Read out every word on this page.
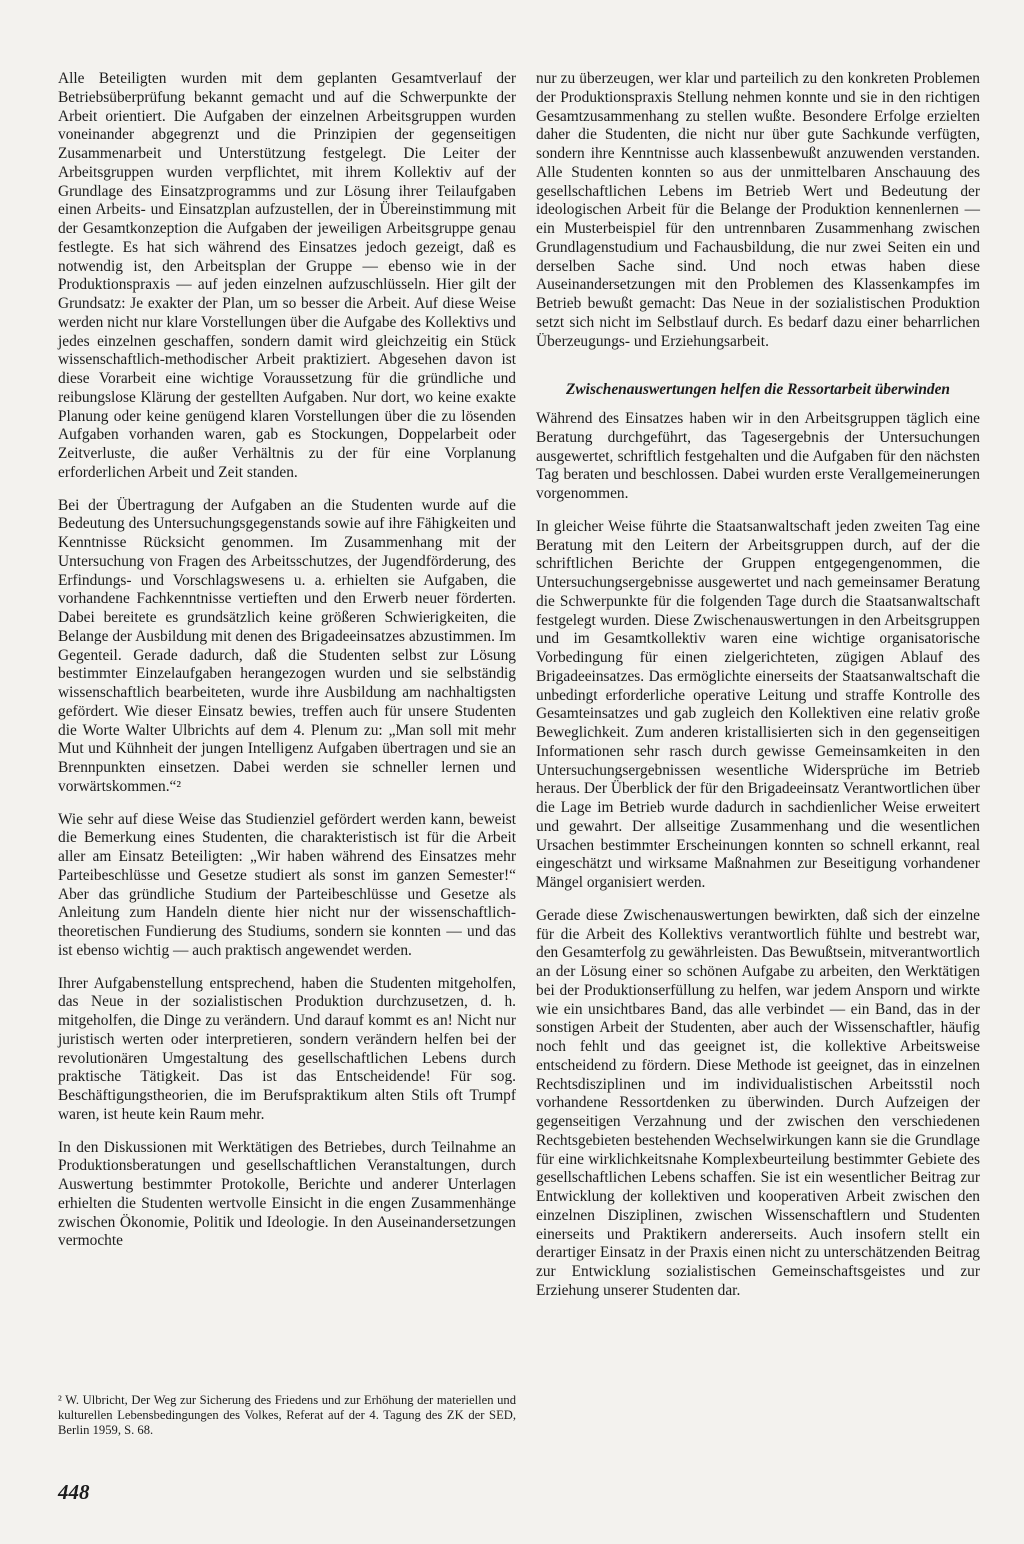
Alle Beteiligten wurden mit dem geplanten Gesamtverlauf der Betriebsüberprüfung bekannt gemacht und auf die Schwerpunkte der Arbeit orientiert. Die Aufgaben der einzelnen Arbeitsgruppen wurden voneinander abgegrenzt und die Prinzipien der gegenseitigen Zusammenarbeit und Unterstützung festgelegt. Die Leiter der Arbeitsgruppen wurden verpflichtet, mit ihrem Kollektiv auf der Grundlage des Einsatzprogramms und zur Lösung ihrer Teilaufgaben einen Arbeits- und Einsatzplan aufzustellen, der in Übereinstimmung mit der Gesamtkonzeption die Aufgaben der jeweiligen Arbeitsgruppe genau festlegte. Es hat sich während des Einsatzes jedoch gezeigt, daß es notwendig ist, den Arbeitsplan der Gruppe — ebenso wie in der Produktionspraxis — auf jeden einzelnen aufzuschlüsseln. Hier gilt der Grundsatz: Je exakter der Plan, um so besser die Arbeit. Auf diese Weise werden nicht nur klare Vorstellungen über die Aufgabe des Kollektivs und jedes einzelnen geschaffen, sondern damit wird gleichzeitig ein Stück wissenschaftlich-methodischer Arbeit praktiziert. Abgesehen davon ist diese Vorarbeit eine wichtige Voraussetzung für die gründliche und reibungslose Klärung der gestellten Aufgaben. Nur dort, wo keine exakte Planung oder keine genügend klaren Vorstellungen über die zu lösenden Aufgaben vorhanden waren, gab es Stockungen, Doppelarbeit oder Zeitverluste, die außer Verhältnis zu der für eine Vorplanung erforderlichen Arbeit und Zeit standen.

Bei der Übertragung der Aufgaben an die Studenten wurde auf die Bedeutung des Untersuchungsgegenstands sowie auf ihre Fähigkeiten und Kenntnisse Rücksicht genommen. Im Zusammenhang mit der Untersuchung von Fragen des Arbeitsschutzes, der Jugendförderung, des Erfindungs- und Vorschlagswesens u. a. erhielten sie Aufgaben, die vorhandene Fachkenntnisse vertieften und den Erwerb neuer förderten. Dabei bereitete es grundsätzlich keine größeren Schwierigkeiten, die Belange der Ausbildung mit denen des Brigadeeinsatzes abzustimmen. Im Gegenteil. Gerade dadurch, daß die Studenten selbst zur Lösung bestimmter Einzelaufgaben herangezogen wurden und sie selbständig wissenschaftlich bearbeiteten, wurde ihre Ausbildung am nachhaltigsten gefördert. Wie dieser Einsatz bewies, treffen auch für unsere Studenten die Worte Walter Ulbrichts auf dem 4. Plenum zu: „Man soll mit mehr Mut und Kühnheit der jungen Intelligenz Aufgaben übertragen und sie an Brennpunkten einsetzen. Dabei werden sie schneller lernen und vorwärtskommen.“²

Wie sehr auf diese Weise das Studienziel gefördert werden kann, beweist die Bemerkung eines Studenten, die charakteristisch ist für die Arbeit aller am Einsatz Beteiligten: „Wir haben während des Einsatzes mehr Parteibeschlüsse und Gesetze studiert als sonst im ganzen Semester!“ Aber das gründliche Studium der Parteibeschlüsse und Gesetze als Anleitung zum Handeln diente hier nicht nur der wissenschaftlich-theoretischen Fundierung des Studiums, sondern sie konnten — und das ist ebenso wichtig — auch praktisch angewendet werden.

Ihrer Aufgabenstellung entsprechend, haben die Studenten mitgeholfen, das Neue in der sozialistischen Produktion durchzusetzen, d. h. mitgeholfen, die Dinge zu verändern. Und darauf kommt es an! Nicht nur juristisch werten oder interpretieren, sondern verändern helfen bei der revolutionären Umgestaltung des gesellschaftlichen Lebens durch praktische Tätigkeit. Das ist das Entscheidende! Für sog. Beschäftigungstheorien, die im Berufspraktikum alten Stils oft Trumpf waren, ist heute kein Raum mehr.

In den Diskussionen mit Werktätigen des Betriebes, durch Teilnahme an Produktionsberatungen und gesellschaftlichen Veranstaltungen, durch Auswertung bestimmter Protokolle, Berichte und anderer Unterlagen erhielten die Studenten wertvolle Einsicht in die engen Zusammenhänge zwischen Ökonomie, Politik und Ideologie. In den Auseinandersetzungen vermochte

² W. Ulbricht, Der Weg zur Sicherung des Friedens und zur Erhöhung der materiellen und kulturellen Lebensbedingungen des Volkes, Referat auf der 4. Tagung des ZK der SED, Berlin 1959, S. 68.
448

nur zu überzeugen, wer klar und parteilich zu den konkreten Problemen der Produktionspraxis Stellung nehmen konnte und sie in den richtigen Gesamtzusammenhang zu stellen wußte. Besondere Erfolge erzielten daher die Studenten, die nicht nur über gute Sachkunde verfügten, sondern ihre Kenntnisse auch klassenbewußt anzuwenden verstanden. Alle Studenten konnten so aus der unmittelbaren Anschauung des gesellschaftlichen Lebens im Betrieb Wert und Bedeutung der ideologischen Arbeit für die Belange der Produktion kennenlernen — ein Musterbeispiel für den untrennbaren Zusammenhang zwischen Grundlagenstudium und Fachausbildung, die nur zwei Seiten ein und derselben Sache sind. Und noch etwas haben diese Auseinandersetzungen mit den Problemen des Klassenkampfes im Betrieb bewußt gemacht: Das Neue in der sozialistischen Produktion setzt sich nicht im Selbstlauf durch. Es bedarf dazu einer beharrlichen Überzeugungs- und Erziehungsarbeit.

Zwischenauswertungen helfen die Ressortarbeit überwinden

Während des Einsatzes haben wir in den Arbeitsgruppen täglich eine Beratung durchgeführt, das Tagesergebnis der Untersuchungen ausgewertet, schriftlich festgehalten und die Aufgaben für den nächsten Tag beraten und beschlossen. Dabei wurden erste Verallgemeinerungen vorgenommen.

In gleicher Weise führte die Staatsanwaltschaft jeden zweiten Tag eine Beratung mit den Leitern der Arbeitsgruppen durch, auf der die schriftlichen Berichte der Gruppen entgegengenommen, die Untersuchungsergebnisse ausgewertet und nach gemeinsamer Beratung die Schwerpunkte für die folgenden Tage durch die Staatsanwaltschaft festgelegt wurden. Diese Zwischenauswertungen in den Arbeitsgruppen und im Gesamtkollektiv waren eine wichtige organisatorische Vorbedingung für einen zielgerichteten, zügigen Ablauf des Brigadeeinsatzes. Das ermöglichte einerseits der Staatsanwaltschaft die unbedingt erforderliche operative Leitung und straffe Kontrolle des Gesamteinsatzes und gab zugleich den Kollektiven eine relativ große Beweglichkeit. Zum anderen kristallisierten sich in den gegenseitigen Informationen sehr rasch durch gewisse Gemeinsamkeiten in den Untersuchungsergebnissen wesentliche Widersprüche im Betrieb heraus. Der Überblick der für den Brigadeeinsatz Verantwortlichen über die Lage im Betrieb wurde dadurch in sachdienlicher Weise erweitert und gewahrt. Der allseitige Zusammenhang und die wesentlichen Ursachen bestimmter Erscheinungen konnten so schnell erkannt, real eingeschätzt und wirksame Maßnahmen zur Beseitigung vorhandener Mängel organisiert werden.

Gerade diese Zwischenauswertungen bewirkten, daß sich der einzelne für die Arbeit des Kollektivs verantwortlich fühlte und bestrebt war, den Gesamterfolg zu gewährleisten. Das Bewußtsein, mitverantwortlich an der Lösung einer so schönen Aufgabe zu arbeiten, den Werktätigen bei der Produktionserfüllung zu helfen, war jedem Ansporn und wirkte wie ein unsichtbares Band, das alle verbindet — ein Band, das in der sonstigen Arbeit der Studenten, aber auch der Wissenschaftler, häufig noch fehlt und das geeignet ist, die kollektive Arbeitsweise entscheidend zu fördern. Diese Methode ist geeignet, das in einzelnen Rechtsdisziplinen und im individualistischen Arbeitsstil noch vorhandene Ressortdenken zu überwinden. Durch Aufzeigen der gegenseitigen Verzahnung und der zwischen den verschiedenen Rechtsgebieten bestehenden Wechselwirkungen kann sie die Grundlage für eine wirklichkeitsnahe Komplexbeurteilung bestimmter Gebiete des gesellschaftlichen Lebens schaffen. Sie ist ein wesentlicher Beitrag zur Entwicklung der kollektiven und kooperativen Arbeit zwischen den einzelnen Disziplinen, zwischen Wissenschaftlern und Studenten einerseits und Praktikern andererseits. Auch insofern stellt ein derartiger Einsatz in der Praxis einen nicht zu unterschätzenden Beitrag zur Entwicklung sozialistischen Gemeinschaftsgeistes und zur Erziehung unserer Studenten dar.
